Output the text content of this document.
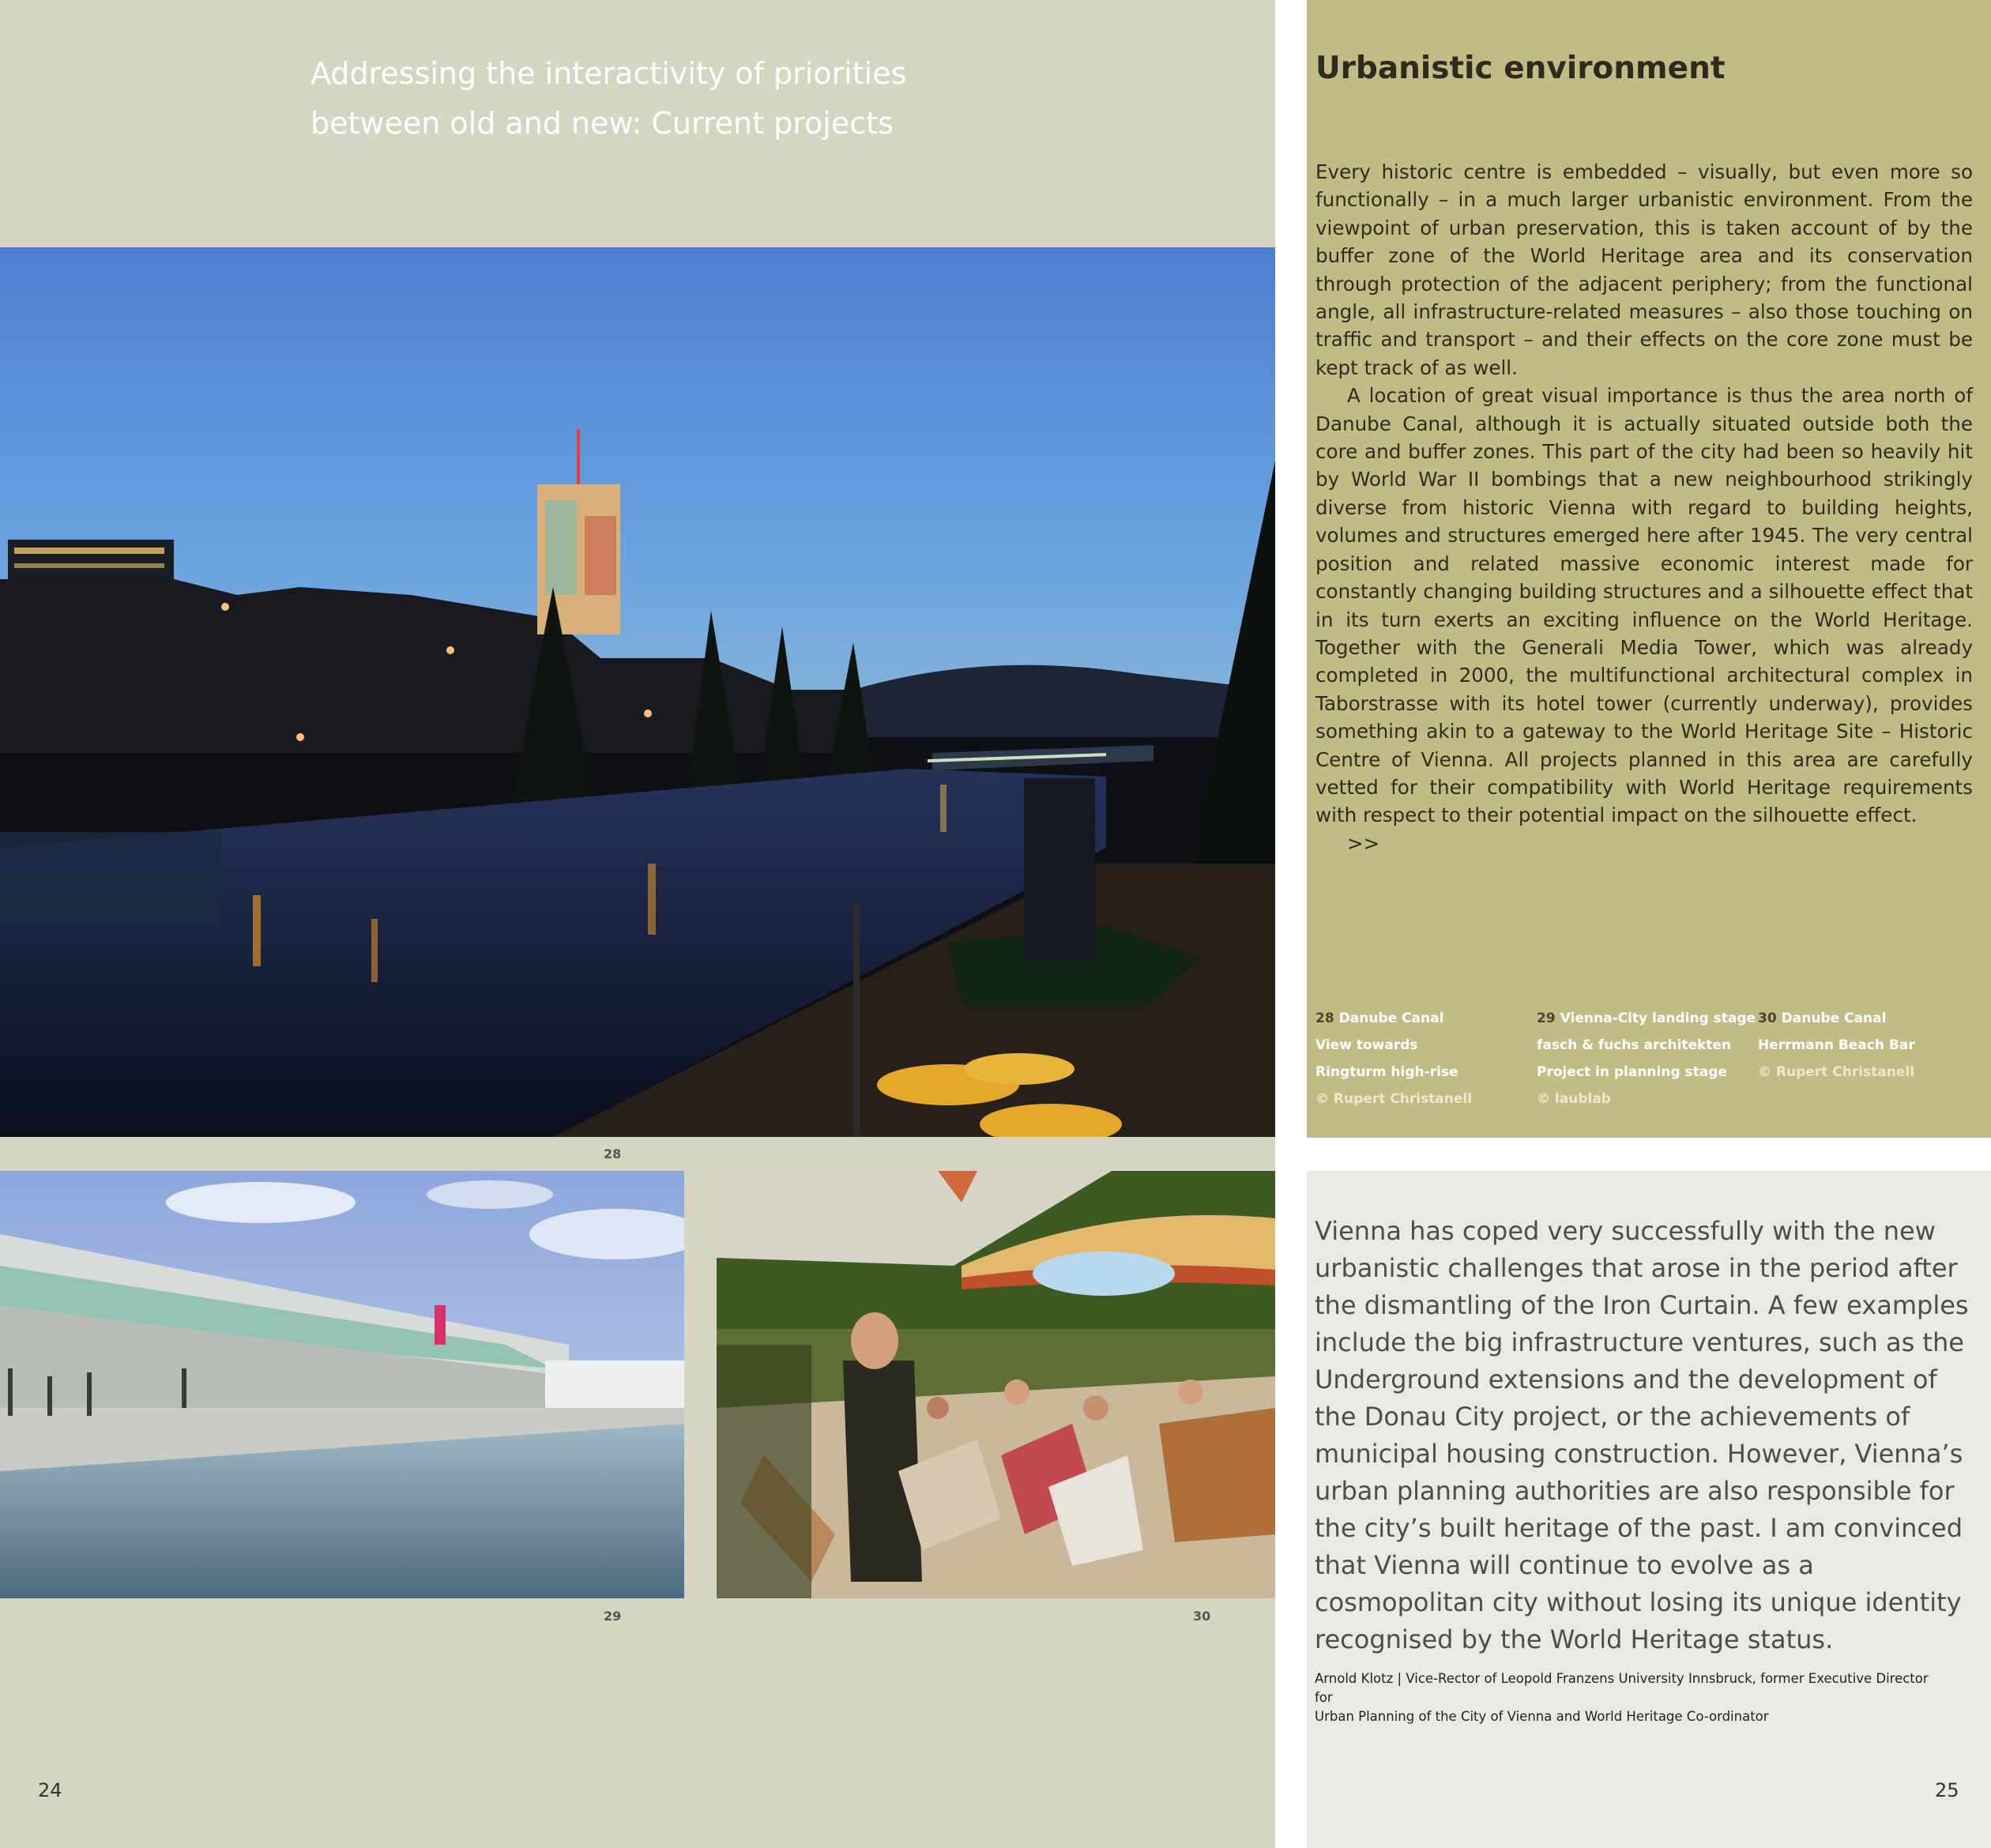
Addressing the interactivity of priorities
between old and new: Current projects
28
29	30
24
Urbanistic environment

Every historic centre is embedded – visually, but even more so functionally – in a much larger urbanistic environment. From the viewpoint of urban preservation, this is taken account of by the buffer zone of the World Heritage area and its conservation through protection of the adjacent periphery; from the functional angle, all infrastructure-related measures – also those touching on traffic and transport – and their effects on the core zone must be kept track of as well.

A location of great visual importance is thus the area north of Danube Canal, although it is actually situated outside both the core and buffer zones. This part of the city had been so heavily hit by World War II bombings that a new neighbourhood strikingly diverse from historic Vienna with regard to building heights, volumes and structures emerged here after 1945. The very central position and related massive economic interest made for constantly changing building structures and a silhouette effect that in its turn exerts an exciting influence on the World Heritage. Together with the Generali Media Tower, which was already completed in 2000, the multifunctional architectural complex in Taborstrasse with its hotel tower (currently underway), provides something akin to a gateway to the World Heritage Site – Historic Centre of Vienna. All projects planned in this area are carefully vetted for their compatibility with World Heritage requirements with respect to their potential impact on the silhouette effect.

>>

28 Danube Canal
View towards
Ringturm high-rise
© Rupert Christanell
29 Vienna-City landing stage
fasch & fuchs architekten
Project in planning stage
© laublab
30 Danube Canal
Herrmann Beach Bar
© Rupert Christanell

Vienna has coped very successfully with the new urbanistic challenges that arose in the period after the dismantling of the Iron Curtain. A few examples include the big infrastructure ventures, such as the Underground extensions and the development of the Donau City project, or the achievements of municipal housing construction. However, Vienna’s urban planning authorities are also responsible for the city’s built heritage of the past. I am convinced that Vienna will continue to evolve as a cosmopolitan city without losing its unique identity recognised by the World Heritage status.

Arnold Klotz | Vice-Rector of Leopold Franzens University Innsbruck, former Executive Director for
Urban Planning of the City of Vienna and World Heritage Co-ordinator
25
